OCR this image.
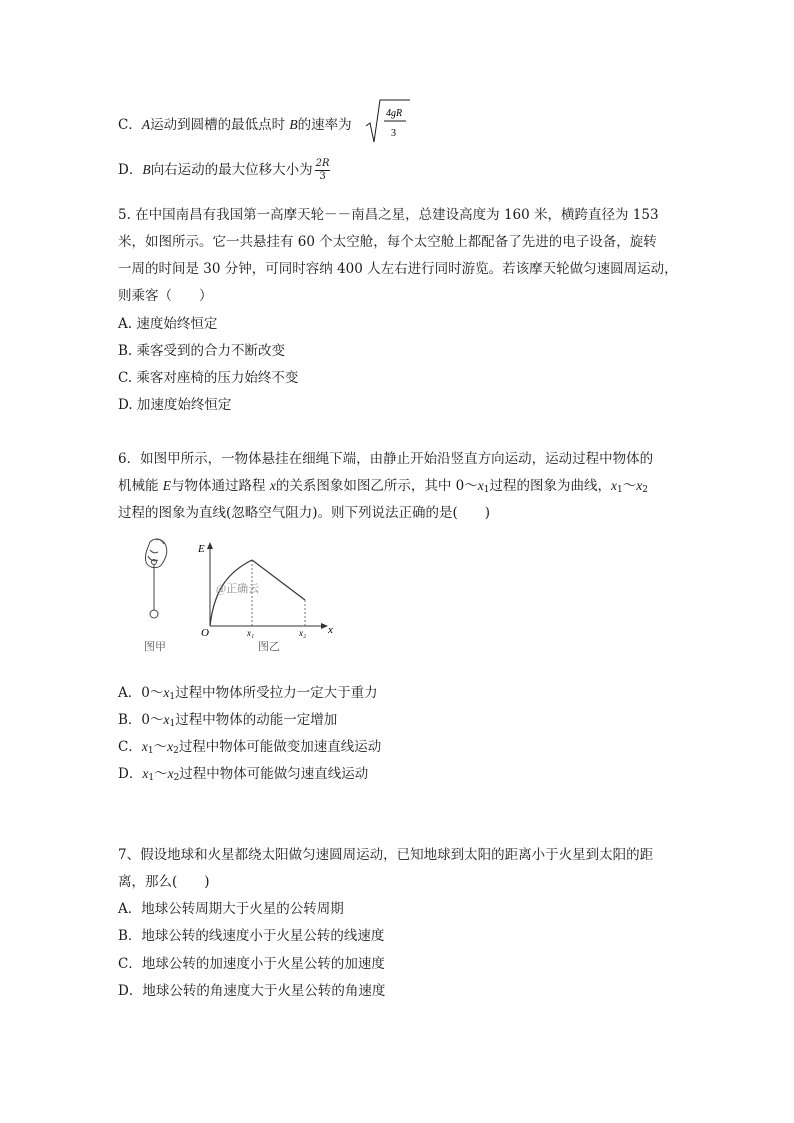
C．A运动到圆槽的最低点时 B的速率为
4gR
3
D．B向右运动的最大位移大小为 $\frac{2R}{3}$
5. 在中国南昌有我国第一高摩天轮－－南昌之星，总建设高度为 160 米，横跨直径为 153
米，如图所示。它一共悬挂有 60 个太空舱，每个太空舱上都配备了先进的电子设备，旋转
一周的时间是 30 分钟，可同时容纳 400 人左右进行同时游览。若该摩天轮做匀速圆周运动，
则乘客（　　）
A. 速度始终恒定
B. 乘客受到的合力不断改变
C. 乘客对座椅的压力始终不变
D. 加速度始终恒定
6．如图甲所示，一物体悬挂在细绳下端，由静止开始沿竖直方向运动，运动过程中物体的
机械能 E与物体通过路程 x的关系图象如图乙所示，其中 $0\sim x_1$过程的图象为曲线，$x_1\sim x_2$
过程的图象为直线(忽略空气阻力)。则下列说法正确的是(　　)
图甲
E
x
O	x₁	x₂
@正确云
图乙
A．$0\sim x_1$过程中物体所受拉力一定大于重力
B．$0\sim x_1$过程中物体的动能一定增加
C．$x_1\sim x_2$过程中物体可能做变加速直线运动
D．$x_1\sim x_2$过程中物体可能做匀速直线运动
7、假设地球和火星都绕太阳做匀速圆周运动，已知地球到太阳的距离小于火星到太阳的距
离，那么(　　)
A．地球公转周期大于火星的公转周期
B．地球公转的线速度小于火星公转的线速度
C．地球公转的加速度小于火星公转的加速度
D．地球公转的角速度大于火星公转的角速度
